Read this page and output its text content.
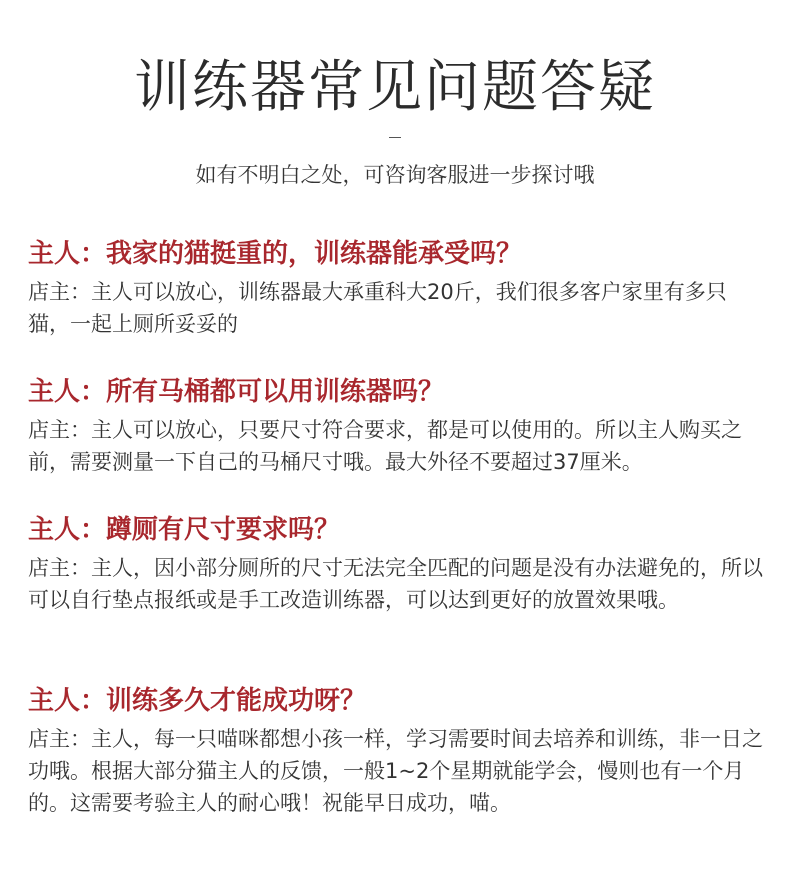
训练器常见问题答疑
如有不明白之处，可咨询客服进一步探讨哦

主人：我家的猫挺重的，训练器能承受吗？

店主：主人可以放心，训练器最大承重科大20斤，我们很多客户家里有多只猫，一起上厕所妥妥的

主人：所有马桶都可以用训练器吗？

店主：主人可以放心，只要尺寸符合要求，都是可以使用的。所以主人购买之前，需要测量一下自己的马桶尺寸哦。最大外径不要超过37厘米。

主人：蹲厕有尺寸要求吗？

店主：主人，因小部分厕所的尺寸无法完全匹配的问题是没有办法避免的，所以可以自行垫点报纸或是手工改造训练器，可以达到更好的放置效果哦。

主人：训练多久才能成功呀？

店主：主人，每一只喵咪都想小孩一样，学习需要时间去培养和训练，非一日之功哦。根据大部分猫主人的反馈，一般1~2个星期就能学会，慢则也有一个月的。这需要考验主人的耐心哦！祝能早日成功，喵。
